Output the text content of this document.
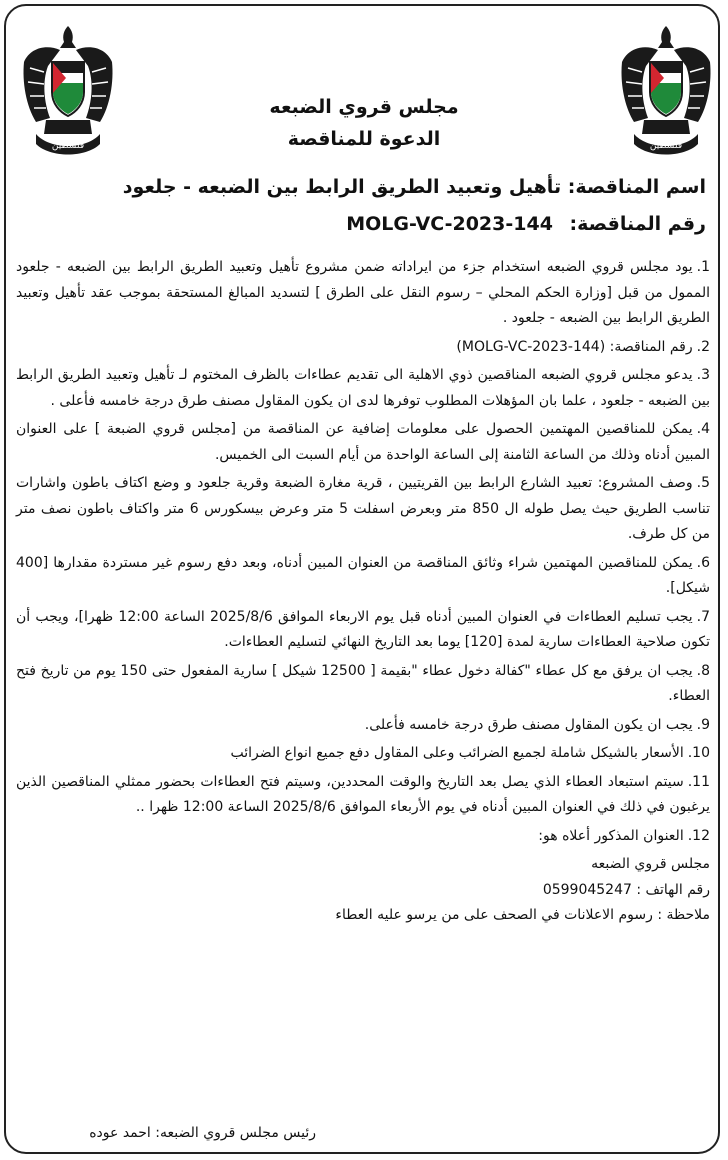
فلسطين
فلسطين

مجلس قروي الضبعه

الدعوة للمناقصة

اسم المناقصة: تأهيل وتعبيد الطريق الرابط بين الضبعه - جلعود

رقم المناقصة: MOLG-VC-2023-144

1.يود مجلس قروي الضبعه استخدام جزء من ايراداته ضمن مشروع تأهيل وتعبيد الطريق الرابط بين الضبعه - جلعود الممول من قبل [وزارة الحكم المحلي – رسوم النقل على الطرق ] لتسديد المبالغ المستحقة بموجب عقد تأهيل وتعبيد الطريق الرابط بين الضبعه - جلعود .

2.رقم المناقصة: (MOLG-VC-2023-144)

3.يدعو مجلس قروي الضبعه المناقصين ذوي الاهلية الى تقديم عطاءات بالظرف المختوم لـ تأهيل وتعبيد الطريق الرابط بين الضبعه - جلعود ، علما بان المؤهلات المطلوب توفرها لدى ان يكون المقاول مصنف طرق درجة خامسه فأعلى .

4.يمكن للمناقصين المهتمين الحصول على معلومات إضافية عن المناقصة من [مجلس قروي الضبعة ] على العنوان المبين أدناه وذلك من الساعة الثامنة إلى الساعة الواحدة من أيام السبت الى الخميس.

5.وصف المشروع: تعبيد الشارع الرابط بين القريتيين ، قرية مغارة الضبعة وقرية جلعود و وضع اكتاف باطون واشارات تناسب الطريق حيث يصل طوله ال 850 متر وبعرض اسفلت 5 متر وعرض بيسكورس 6 متر واكتاف باطون نصف متر من كل طرف.

6.يمكن للمناقصين المهتمين شراء وثائق المناقصة من العنوان المبين أدناه، وبعد دفع رسوم غير مستردة مقدارها [400 شيكل].

7.يجب تسليم العطاءات في العنوان المبين أدناه قبل يوم الاربعاء الموافق 2025/8/6 الساعة 12:00 ظهرا]، ويجب أن تكون صلاحية العطاءات سارية لمدة [120] يوما بعد التاريخ النهائي لتسليم العطاءات.

8.يجب ان يرفق مع كل عطاء "كفالة دخول عطاء "بقيمة [ 12500 شيكل ] سارية المفعول حتى 150 يوم من تاريخ فتح العطاء.

9.يجب ان يكون المقاول مصنف طرق درجة خامسه فأعلى.

10.الأسعار بالشيكل شاملة لجميع الضرائب وعلى المقاول دفع جميع انواع الضرائب

11.سيتم استبعاد العطاء الذي يصل بعد التاريخ والوقت المحددين، وسيتم فتح العطاءات بحضور ممثلي المناقصين الذين يرغبون في ذلك في العنوان المبين أدناه في يوم الأربعاء الموافق 2025/8/6 الساعة 12:00 ظهرا ..

12.العنوان المذكور أعلاه هو:

مجلس قروي الضبعه

رقم الهاتف : 0599045247

ملاحظة : رسوم الاعلانات في الصحف على من يرسو عليه العطاء

رئيس مجلس قروي الضبعه: احمد عوده
